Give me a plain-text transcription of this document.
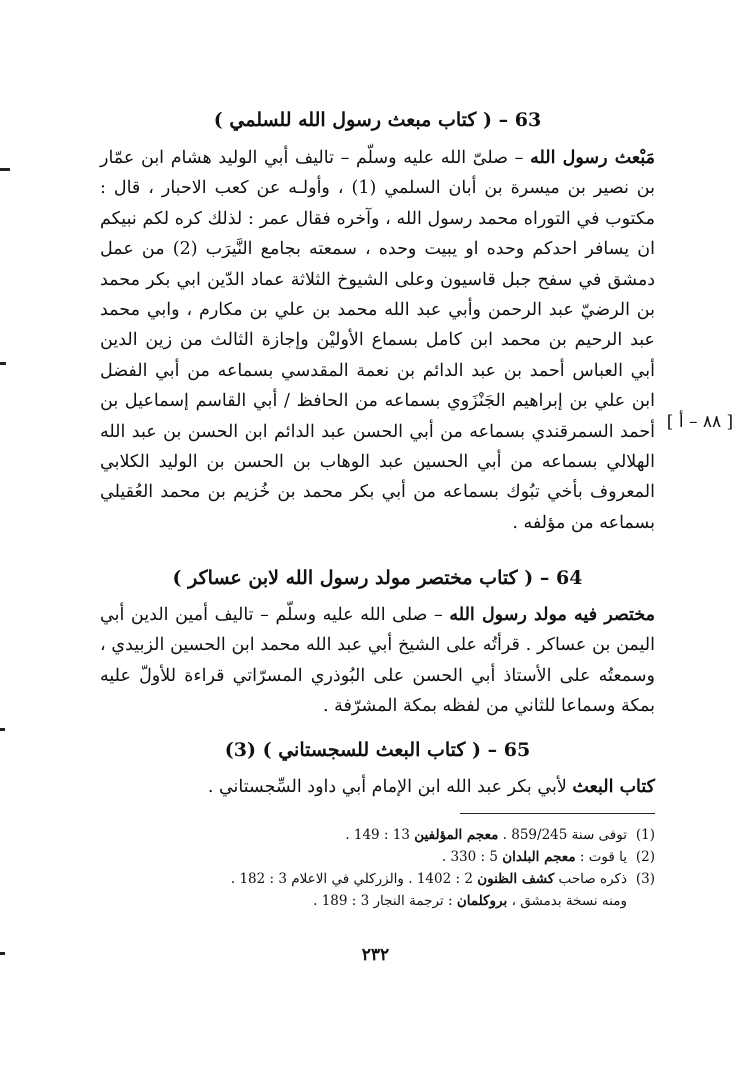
63 – ( كتاب مبعث رسول الله للسلمي )
مَبْعث رسول الله – صلىّ الله عليه وسلّم – تاليف أبي الوليد هشام ابن عمّار بن نصير بن ميسرة بن أبان السلمي (1) ، وأولـه عن كعب الاحبار ، قال : مكتوب في التوراه محمد رسول الله ، وآخره فقال عمر : لذلك كره لكم نبيكم ان يسافر احدكم وحده او يبيت وحده ، سمعته بجامع النَّيرَب (2) من عمل دمشق في سفح جبل قاسيون وعلى الشيوخ الثلاثة عماد الدّين ابي بكر محمد بن الرضيّ عبد الرحمن وأبي عبد الله محمد بن علي بن مكارم ، وابي محمد عبد الرحيم بن محمد ابن كامل بسماع الأوليْن وإجازة الثالث من زين الدين أبي العباس أحمد بن عبد الدائم بن نعمة المقدسي بسماعه من أبي الفضل ابن علي بن إبراهيم الجَنْزَوي بسماعه من الحافظ / أبي القاسم إسماعيل بن أحمد السمرقندي بسماعه من أبي الحسن عبد الدائم ابن الحسن بن عبد الله الهلالي بسماعه من أبي الحسين عبد الوهاب بن الحسن بن الوليد الكلابي المعروف بأخي تبُوك بسماعه من أبي بكر محمد بن خُزيم بن محمد العُقيلي بسماعه من مؤلفه .
[ ٨٨ – أ ]
64 – ( كتاب مختصر مولد رسول الله لابن عساكر )
مختصر فيه مولد رسول الله – صلى الله عليه وسلّم – تاليف أمين الدين أبي اليمن بن عساكر . قرأتُه على الشيخ أبي عبد الله محمد ابن الحسين الزبيدي ، وسمعتُه على الأستاذ أبي الحسن على البُوذري المسرّاتي قراءة للأولّ عليه بمكة وسماعا للثاني من لفظه بمكة المشرّفة .
65 – ( كتاب البعث للسجستاني ) (3)
كتاب البعث لأبي بكر عبد الله ابن الإمام أبي داود السِّجستاني .
(1)توفى سنة 859/245 . معجم المؤلفين 13 : 149 .
(2)يا قوت : معجم البلدان 5 : 330 .
(3)ذكره صاحب كشف الظنون 2 : 1402 . والزركلي في الاعلام 3 : 182 .
ومنه نسخة بدمشق ، بروكلمان : ترجمة النجار 3 : 189 .
٢٣٢
